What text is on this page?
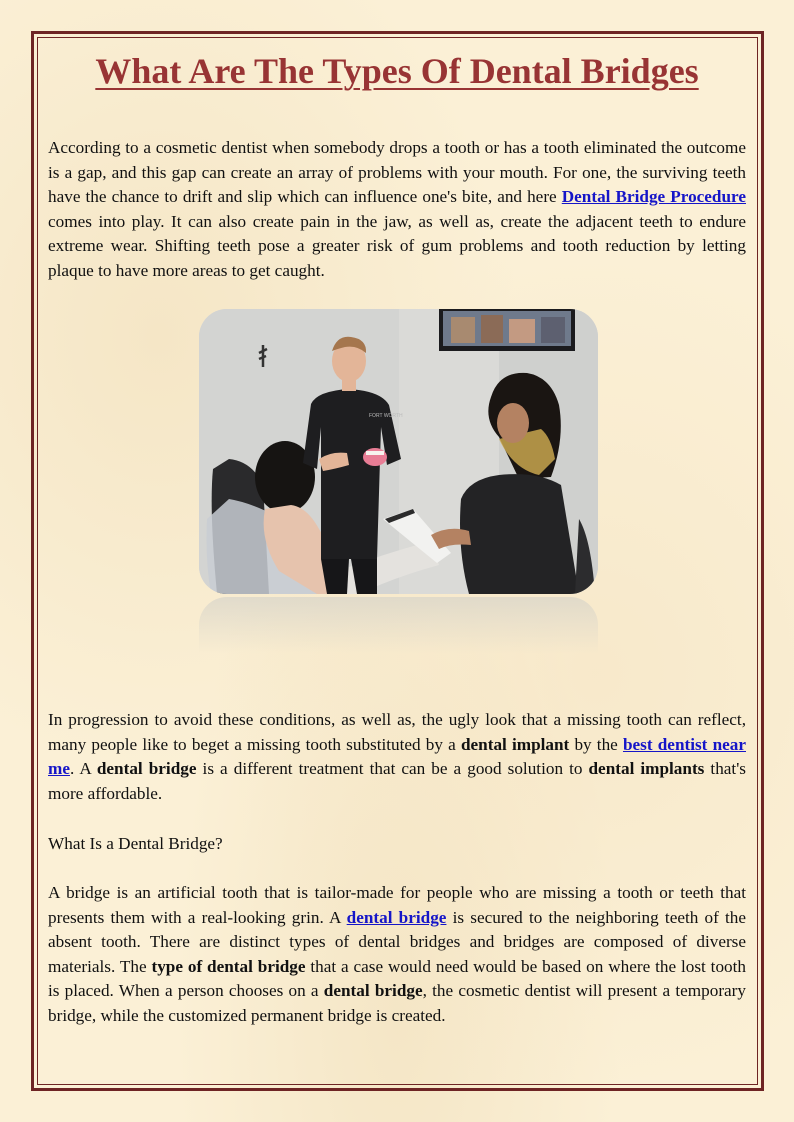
What Are The Types Of Dental Bridges

According to a cosmetic dentist when somebody drops a tooth or has a tooth eliminated the outcome is a gap, and this gap can create an array of problems with your mouth. For one, the surviving teeth have the chance to drift and slip which can influence one's bite, and here Dental Bridge Procedure comes into play. It can also create pain in the jaw, as well as, create the adjacent teeth to endure extreme wear. Shifting teeth pose a greater risk of gum problems and tooth reduction by letting plaque to have more areas to get caught.

FORT WORTH

In progression to avoid these conditions, as well as, the ugly look that a missing tooth can reflect, many people like to beget a missing tooth substituted by a dental implant by the best dentist near me. A dental bridge is a different treatment that can be a good solution to dental implants that's more affordable.

What Is a Dental Bridge?

A bridge is an artificial tooth that is tailor-made for people who are missing a tooth or teeth that presents them with a real-looking grin. A dental bridge is secured to the neighboring teeth of the absent tooth. There are distinct types of dental bridges and bridges are composed of diverse materials. The type of dental bridge that a case would need would be based on where the lost tooth is placed. When a person chooses on a dental bridge, the cosmetic dentist will present a temporary bridge, while the customized permanent bridge is created.
